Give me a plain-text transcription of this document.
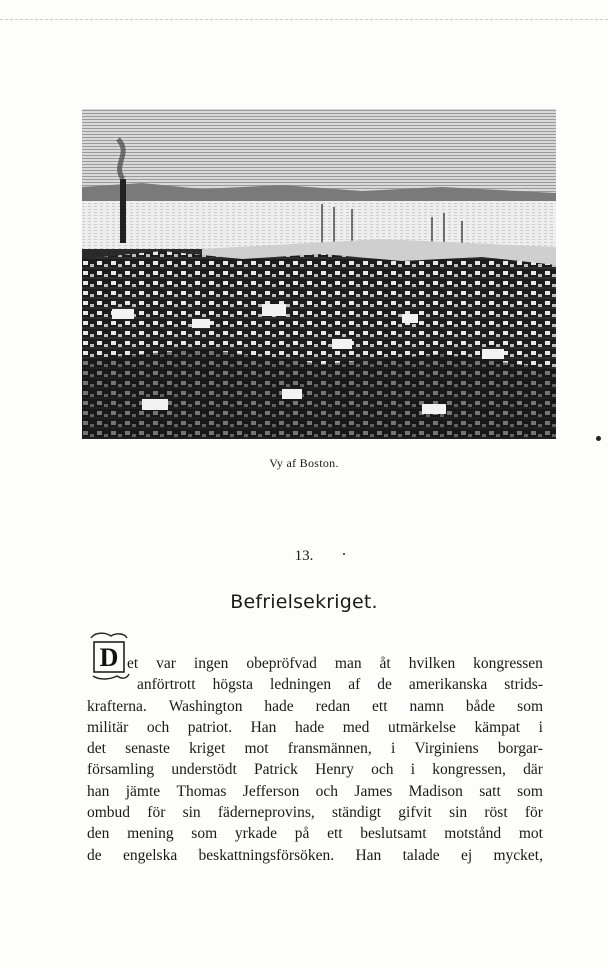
Vy af Boston.
13.
Befrielsekriget.
D et var ingen obepröfvad man åt hvilken kongressen
anförtrott högsta ledningen af de amerikanska strids-
krafterna. Washington hade redan ett namn både som
militär och patriot. Han hade med utmärkelse kämpat i
det senaste kriget mot fransmännen, i Virginiens borgar-
församling understödt Patrick Henry och i kongressen, där
han jämte Thomas Jefferson och James Madison satt som
ombud för sin fäderneprovins, ständigt gifvit sin röst för
den mening som yrkade på ett beslutsamt motstånd mot
de engelska beskattningsförsöken. Han talade ej mycket,
